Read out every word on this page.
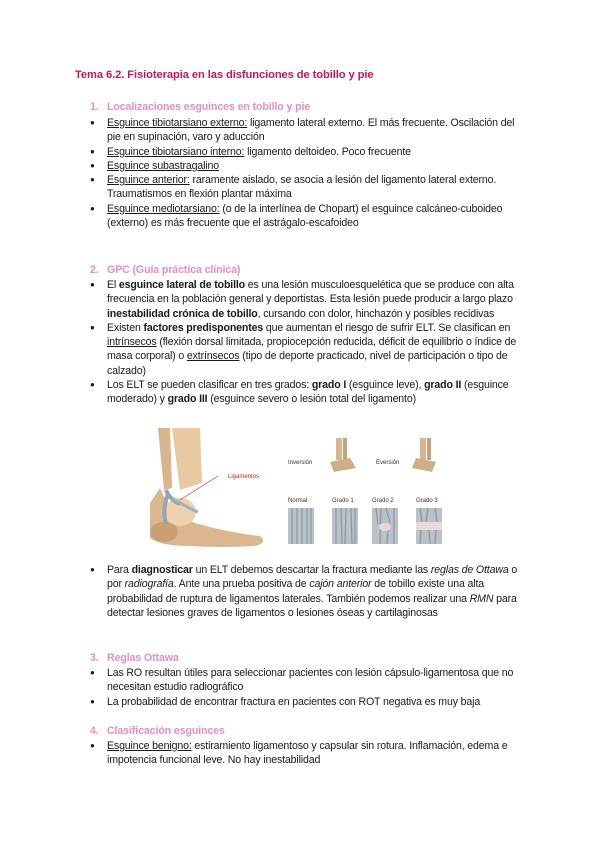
Tema 6.2. Fisioterapia en las disfunciones de tobillo y pie
1. Localizaciones esguinces en tobillo y pie
● Esguince tibiotarsiano externo: ligamento lateral externo. El más frecuente. Oscilación del pie en supinación, varo y aducción
● Esguince tibiotarsiano interno: ligamento deltoideo. Poco frecuente
● Esguince subastragalino
● Esguince anterior: raramente aislado, se asocia a lesión del ligamento lateral externo. Traumatismos en flexión plantar máxima
● Esguince mediotarsiano: (o de la interlínea de Chopart) el esguince calcáneo-cuboideo (externo) es más frecuente que el astrágalo-escafoideo
2. GPC (Guía práctica clínica)
● El esguince lateral de tobillo es una lesión musculoesquelética que se produce con alta frecuencia en la población general y deportistas. Esta lesión puede producir a largo plazo inestabilidad crónica de tobillo, cursando con dolor, hinchazón y posibles recidivas
● Existen factores predisponentes que aumentan el riesgo de sufrir ELT. Se clasifican en intrínsecos (flexión dorsal limitada, propiocepción reducida, déficit de equilibrio o índice de masa corporal) o extrínsecos (tipo de deporte practicado, nivel de participación o tipo de calzado)
● Los ELT se pueden clasificar en tres grados: grado I (esguince leve), grado II (esguince moderado) y grado III (esguince severo o lesión total del ligamento)
Ligamentos
Inversión	Eversión
Normal	Grado 1	Grado 2	Grado 3
● Para diagnosticar un ELT debemos descartar la fractura mediante las reglas de Ottawa o por radiografía. Ante una prueba positiva de cajón anterior de tobillo existe una alta probabilidad de ruptura de ligamentos laterales. También podemos realizar una RMN para detectar lesiones graves de ligamentos o lesiones óseas y cartilaginosas
3. Reglas Ottawa
● Las RO resultan útiles para seleccionar pacientes con lesión cápsulo-ligamentosa que no necesitan estudio radiográfico
● La probabilidad de encontrar fractura en pacientes con ROT negativa es muy baja
4. Clasificación esguinces
● Esguince benigno: estiramiento ligamentoso y capsular sin rotura. Inflamación, edema e impotencia funcional leve. No hay inestabilidad
